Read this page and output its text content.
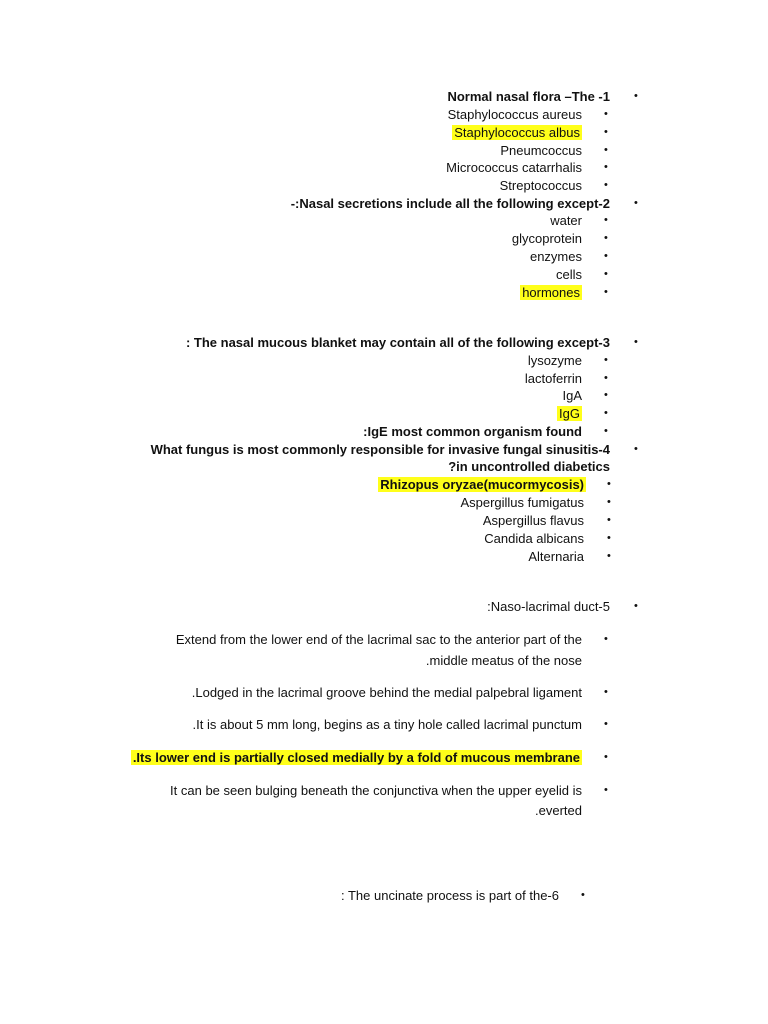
Normal nasal flora –The -1 •
Staphylococcus aureus •
Staphylococcus albus •
Pneumcoccus •
Micrococcus catarrhalis •
Streptococcus •
-:Nasal secretions include all the following except-2 •
water •
glycoprotein •
enzymes •
cells •
hormones •
: The nasal mucous blanket may contain all of the following except-3 •
lysozyme •
lactoferrin •
IgA •
IgG •
:IgE most common organism found •
What fungus is most commonly responsible for invasive fungal sinusitis-4 •
?in uncontrolled diabetics
Rhizopus oryzae(mucormycosis) •
Aspergillus fumigatus •
Aspergillus flavus •
Candida albicans •
Alternaria •
:Naso-lacrimal duct-5 •
Extend from the lower end of the lacrimal sac to the anterior part of the
.middle meatus of the nose
•
.Lodged in the lacrimal groove behind the medial palpebral ligament •
.It is about 5 mm long, begins as a tiny hole called lacrimal punctum •
.Its lower end is partially closed medially by a fold of mucous membrane •
It can be seen bulging beneath the conjunctiva when the upper eyelid is
.everted
•
: The uncinate process is part of the-6 •
